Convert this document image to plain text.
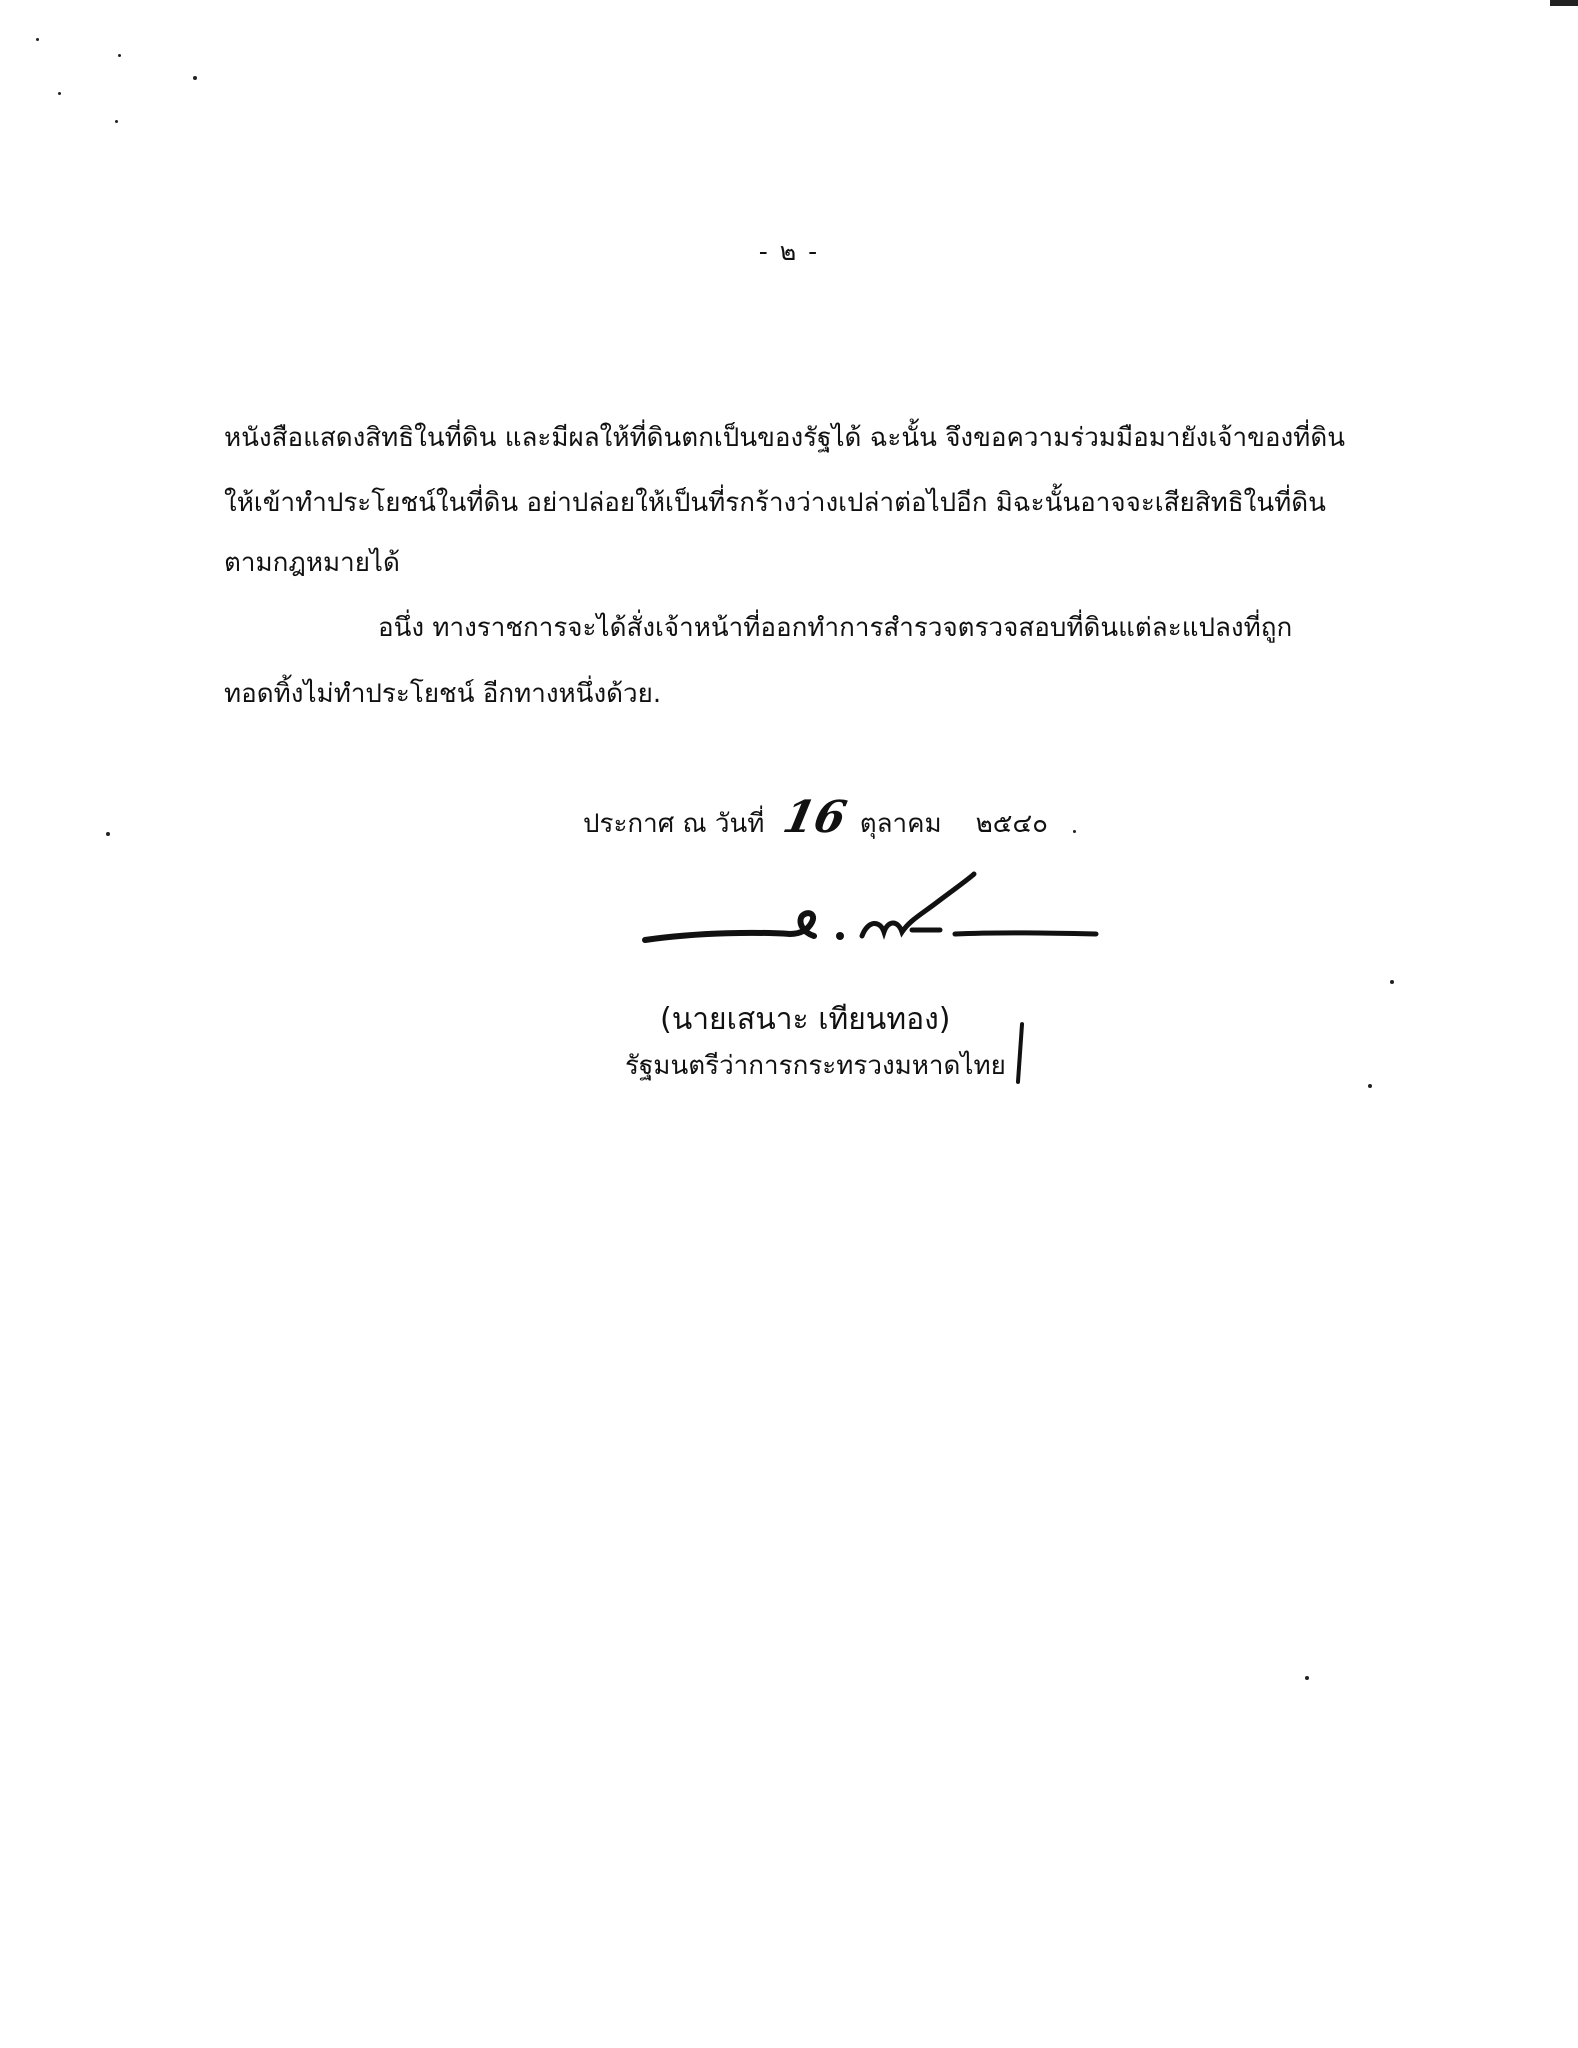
- ๒ -
หนังสือแสดงสิทธิในที่ดิน และมีผลให้ที่ดินตกเป็นของรัฐได้ ฉะนั้น จึงขอความร่วมมือมายังเจ้าของที่ดิน
ให้เข้าทำประโยชน์ในที่ดิน อย่าปล่อยให้เป็นที่รกร้างว่างเปล่าต่อไปอีก มิฉะนั้นอาจจะเสียสิทธิในที่ดิน
ตามกฎหมายได้
อนึ่ง ทางราชการจะได้สั่งเจ้าหน้าที่ออกทำการสำรวจตรวจสอบที่ดินแต่ละแปลงที่ถูก
ทอดทิ้งไม่ทำประโยชน์ อีกทางหนึ่งด้วย.
ประกาศ ณ วันที่ 16 ตุลาคม ๒๕๔๐
(นายเสนาะ เทียนทอง)
รัฐมนตรีว่าการกระทรวงมหาดไทย
